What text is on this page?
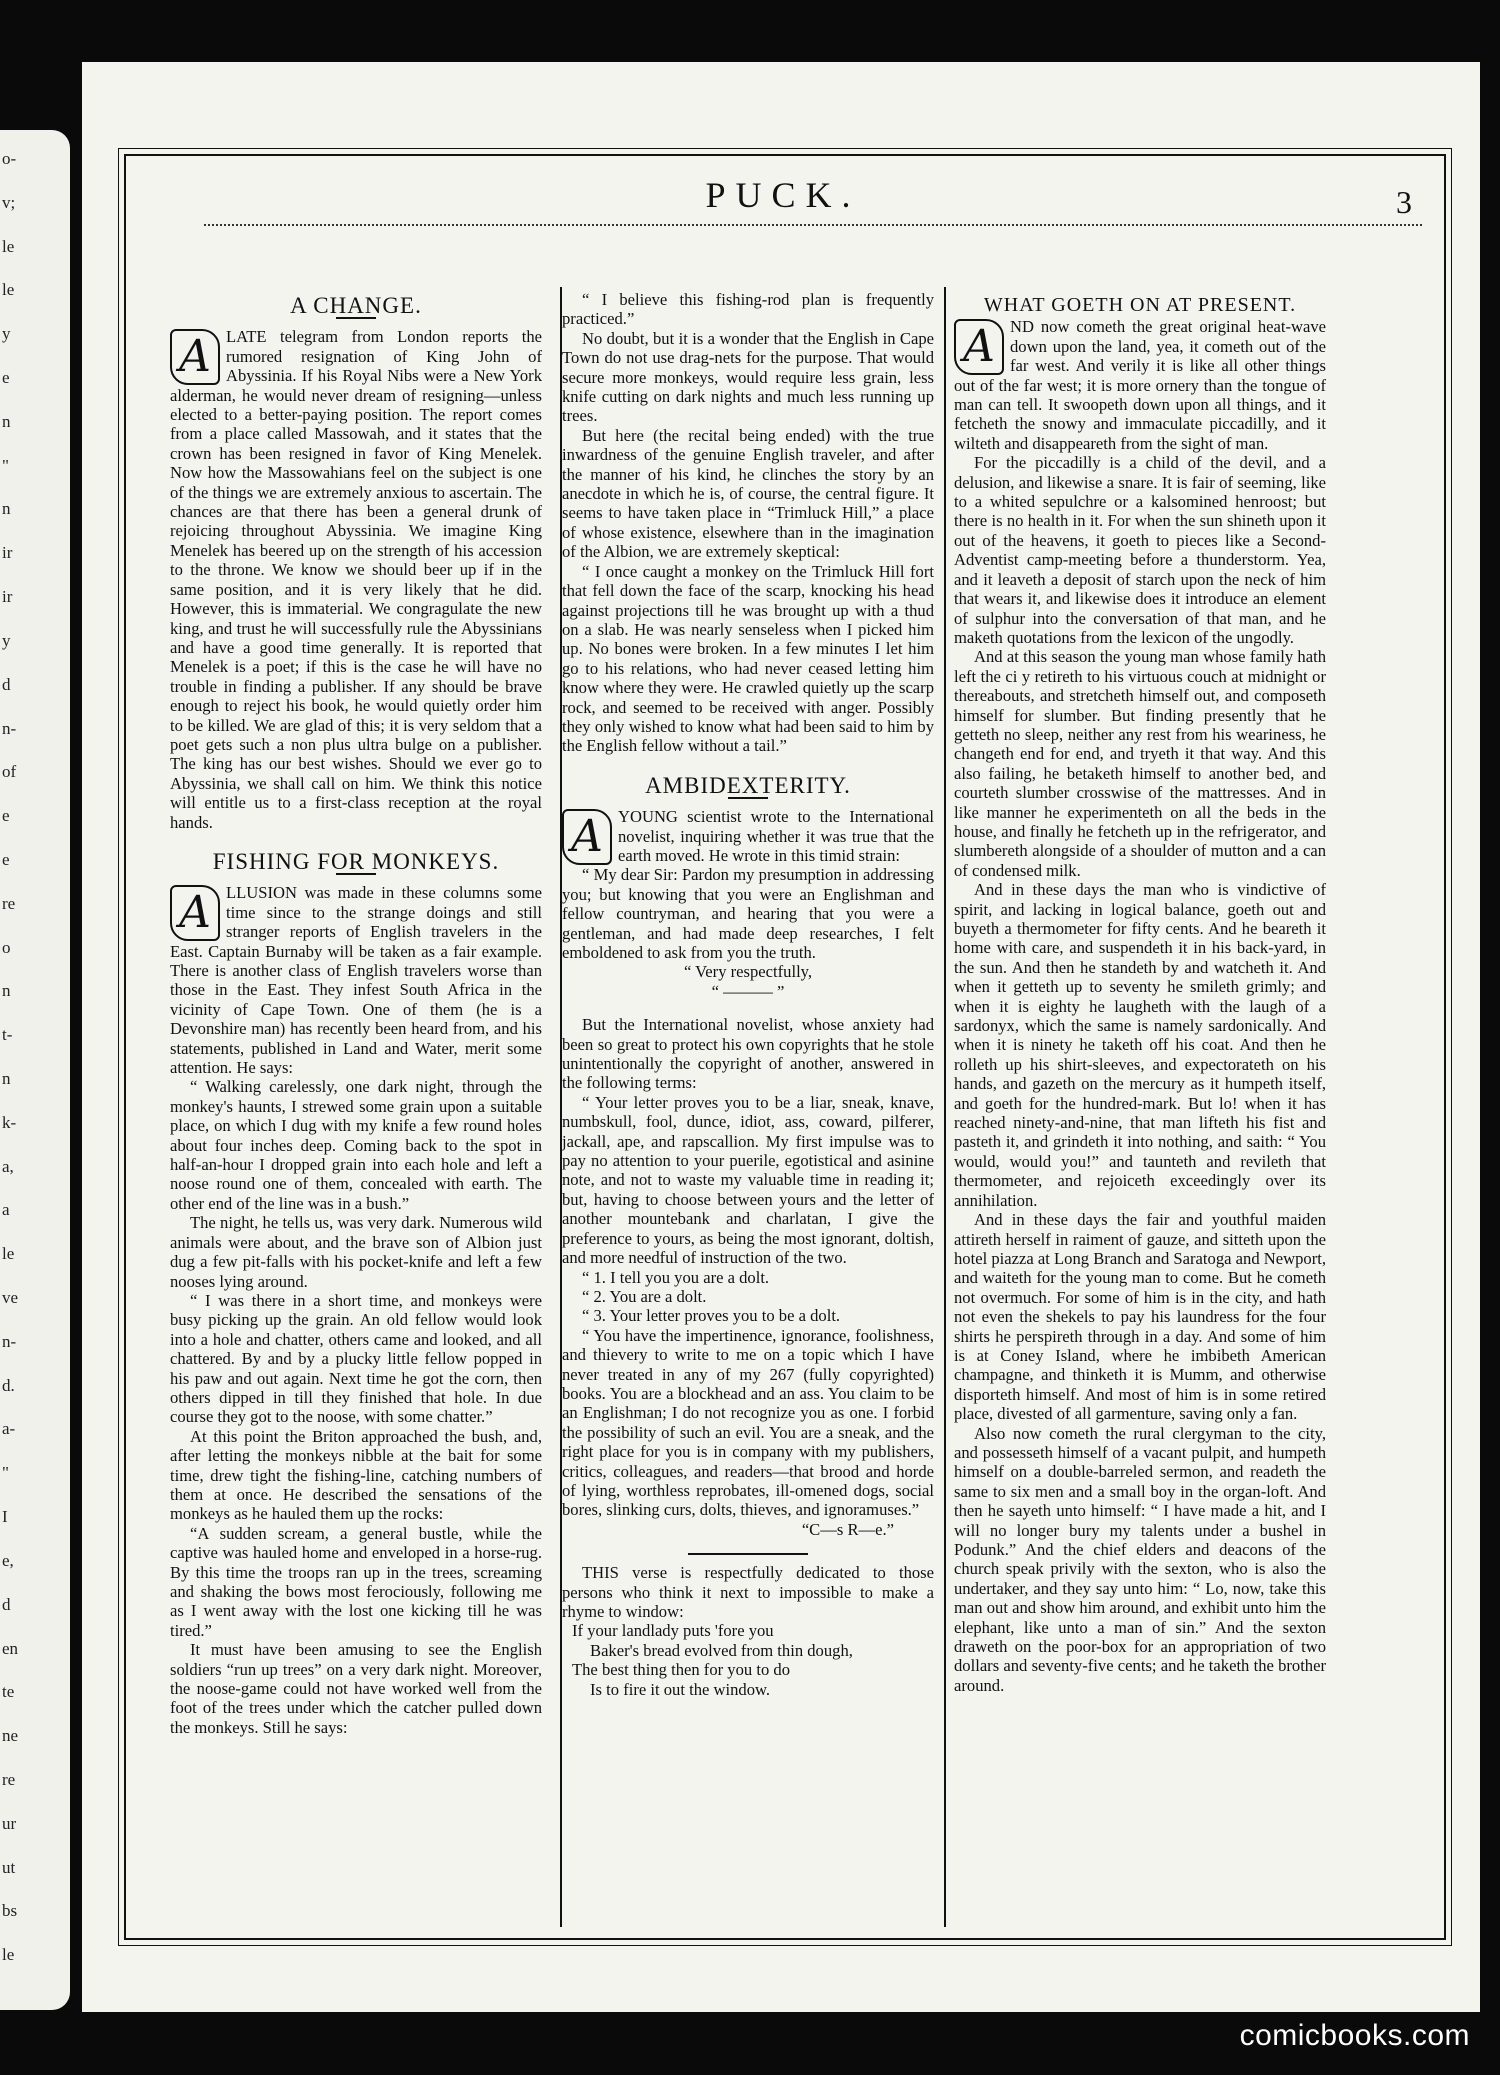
o-
v;
le
le
y
e
n
"
n
ir
ir
y
d
n-
of
e
e
re
o
n
t-
n
k-
a,
a
le
ve
n-
d.
a-
"
I
e,
d
en
te
ne
re
ur
ut
bs
le
PUCK.	3
A CHANGE.
A LATE telegram from London reports the rumored resignation of King John of Abyssinia. If his Royal Nibs were a New York alderman, he would never dream of resigning—unless elected to a better-paying position. The report comes from a place called Massowah, and it states that the crown has been resigned in favor of King Menelek. Now how the Massowahians feel on the subject is one of the things we are extremely anxious to ascertain. The chances are that there has been a general drunk of rejoicing throughout Abyssinia. We imagine King Menelek has beered up on the strength of his accession to the throne. We know we should beer up if in the same position, and it is very likely that he did. However, this is immaterial. We congragulate the new king, and trust he will successfully rule the Abyssinians and have a good time generally. It is reported that Menelek is a poet; if this is the case he will have no trouble in finding a publisher. If any should be brave enough to reject his book, he would quietly order him to be killed. We are glad of this; it is very seldom that a poet gets such a non plus ultra bulge on a publisher. The king has our best wishes. Should we ever go to Abyssinia, we shall call on him. We think this notice will entitle us to a first-class reception at the royal hands.

FISHING FOR MONKEYS.
A LLUSION was made in these columns some time since to the strange doings and still stranger reports of English travelers in the East. Captain Burnaby will be taken as a fair example. There is another class of English travelers worse than those in the East. They infest South Africa in the vicinity of Cape Town. One of them (he is a Devonshire man) has recently been heard from, and his statements, published in Land and Water, merit some attention. He says:

“ Walking carelessly, one dark night, through the monkey's haunts, I strewed some grain upon a suitable place, on which I dug with my knife a few round holes about four inches deep. Coming back to the spot in half-an-hour I dropped grain into each hole and left a noose round one of them, concealed with earth. The other end of the line was in a bush.”

The night, he tells us, was very dark. Numerous wild animals were about, and the brave son of Albion just dug a few pit-falls with his pocket-knife and left a few nooses lying around.

“ I was there in a short time, and monkeys were busy picking up the grain. An old fellow would look into a hole and chatter, others came and looked, and all chattered. By and by a plucky little fellow popped in his paw and out again. Next time he got the corn, then others dipped in till they finished that hole. In due course they got to the noose, with some chatter.”

At this point the Briton approached the bush, and, after letting the monkeys nibble at the bait for some time, drew tight the fishing-line, catching numbers of them at once. He described the sensations of the monkeys as he hauled them up the rocks:

“A sudden scream, a general bustle, while the captive was hauled home and enveloped in a horse-rug. By this time the troops ran up in the trees, screaming and shaking the bows most ferociously, following me as I went away with the lost one kicking till he was tired.”

It must have been amusing to see the English soldiers “run up trees” on a very dark night. Moreover, the noose-game could not have worked well from the foot of the trees under which the catcher pulled down the monkeys. Still he says:

“ I believe this fishing-rod plan is frequently practiced.”

No doubt, but it is a wonder that the English in Cape Town do not use drag-nets for the purpose. That would secure more monkeys, would require less grain, less knife cutting on dark nights and much less running up trees.

But here (the recital being ended) with the true inwardness of the genuine English traveler, and after the manner of his kind, he clinches the story by an anecdote in which he is, of course, the central figure. It seems to have taken place in “Trimluck Hill,” a place of whose existence, elsewhere than in the imagination of the Albion, we are extremely skeptical:

“ I once caught a monkey on the Trimluck Hill fort that fell down the face of the scarp, knocking his head against projections till he was brought up with a thud on a slab. He was nearly senseless when I picked him up. No bones were broken. In a few minutes I let him go to his relations, who had never ceased letting him know where they were. He crawled quietly up the scarp rock, and seemed to be received with anger. Possibly they only wished to know what had been said to him by the English fellow without a tail.”

AMBIDEXTERITY.
A YOUNG scientist wrote to the International novelist, inquiring whether it was true that the earth moved. He wrote in this timid strain:

“ My dear Sir: Pardon my presumption in addressing you; but knowing that you were an Englishman and fellow countryman, and hearing that you were a gentleman, and had made deep researches, I felt emboldened to ask from you the truth.

“ Very respectfully,

“ ——— ”

But the International novelist, whose anxiety had been so great to protect his own copyrights that he stole unintentionally the copyright of another, answered in the following terms:

“ Your letter proves you to be a liar, sneak, knave, numbskull, fool, dunce, idiot, ass, coward, pilferer, jackall, ape, and rapscallion. My first impulse was to pay no attention to your puerile, egotistical and asinine note, and not to waste my valuable time in reading it; but, having to choose between yours and the letter of another mountebank and charlatan, I give the preference to yours, as being the most ignorant, doltish, and more needful of instruction of the two.

“ 1. I tell you you are a dolt.

“ 2. You are a dolt.

“ 3. Your letter proves you to be a dolt.

“ You have the impertinence, ignorance, foolishness, and thievery to write to me on a topic which I have never treated in any of my 267 (fully copyrighted) books. You are a blockhead and an ass. You claim to be an Englishman; I do not recognize you as one. I forbid the possibility of such an evil. You are a sneak, and the right place for you is in company with my publishers, critics, colleagues, and readers—that brood and horde of lying, worthless reprobates, ill-omened dogs, social bores, slinking curs, dolts, thieves, and ignoramuses.”

“C—s R—e.”

THIS verse is respectfully dedicated to those persons who think it next to impossible to make a rhyme to window:

If your landlady puts 'fore you

Baker's bread evolved from thin dough,

The best thing then for you to do

Is to fire it out the window.

WHAT GOETH ON AT PRESENT.
A ND now cometh the great original heat-wave down upon the land, yea, it cometh out of the far west. And verily it is like all other things out of the far west; it is more ornery than the tongue of man can tell. It swoopeth down upon all things, and it fetcheth the snowy and immaculate piccadilly, and it wilteth and disappeareth from the sight of man.

For the piccadilly is a child of the devil, and a delusion, and likewise a snare. It is fair of seeming, like to a whited sepulchre or a kalsomined henroost; but there is no health in it. For when the sun shineth upon it out of the heavens, it goeth to pieces like a Second-Adventist camp-meeting before a thunderstorm. Yea, and it leaveth a deposit of starch upon the neck of him that wears it, and likewise does it introduce an element of sulphur into the conversation of that man, and he maketh quotations from the lexicon of the ungodly.

And at this season the young man whose family hath left the ci y retireth to his virtuous couch at midnight or thereabouts, and stretcheth himself out, and composeth himself for slumber. But finding presently that he getteth no sleep, neither any rest from his weariness, he changeth end for end, and tryeth it that way. And this also failing, he betaketh himself to another bed, and courteth slumber crosswise of the mattresses. And in like manner he experimenteth on all the beds in the house, and finally he fetcheth up in the refrigerator, and slumbereth alongside of a shoulder of mutton and a can of condensed milk.

And in these days the man who is vindictive of spirit, and lacking in logical balance, goeth out and buyeth a thermometer for fifty cents. And he beareth it home with care, and suspendeth it in his back-yard, in the sun. And then he standeth by and watcheth it. And when it getteth up to seventy he smileth grimly; and when it is eighty he laugheth with the laugh of a sardonyx, which the same is namely sardonically. And when it is ninety he taketh off his coat. And then he rolleth up his shirt-sleeves, and expectorateth on his hands, and gazeth on the mercury as it humpeth itself, and goeth for the hundred-mark. But lo! when it has reached ninety-and-nine, that man lifteth his fist and pasteth it, and grindeth it into nothing, and saith: “ You would, would you!” and taunteth and revileth that thermometer, and rejoiceth exceedingly over its annihilation.

And in these days the fair and youthful maiden attireth herself in raiment of gauze, and sitteth upon the hotel piazza at Long Branch and Saratoga and Newport, and waiteth for the young man to come. But he cometh not overmuch. For some of him is in the city, and hath not even the shekels to pay his laundress for the four shirts he perspireth through in a day. And some of him is at Coney Island, where he imbibeth American champagne, and thinketh it is Mumm, and otherwise disporteth himself. And most of him is in some retired place, divested of all garmenture, saving only a fan.

Also now cometh the rural clergyman to the city, and possesseth himself of a vacant pulpit, and humpeth himself on a double-barreled sermon, and readeth the same to six men and a small boy in the organ-loft. And then he sayeth unto himself: “ I have made a hit, and I will no longer bury my talents under a bushel in Podunk.” And the chief elders and deacons of the church speak privily with the sexton, who is also the undertaker, and they say unto him: “ Lo, now, take this man out and show him around, and exhibit unto him the elephant, like unto a man of sin.” And the sexton draweth on the poor-box for an appropriation of two dollars and seventy-five cents; and he taketh the brother around.

comicbooks.com
